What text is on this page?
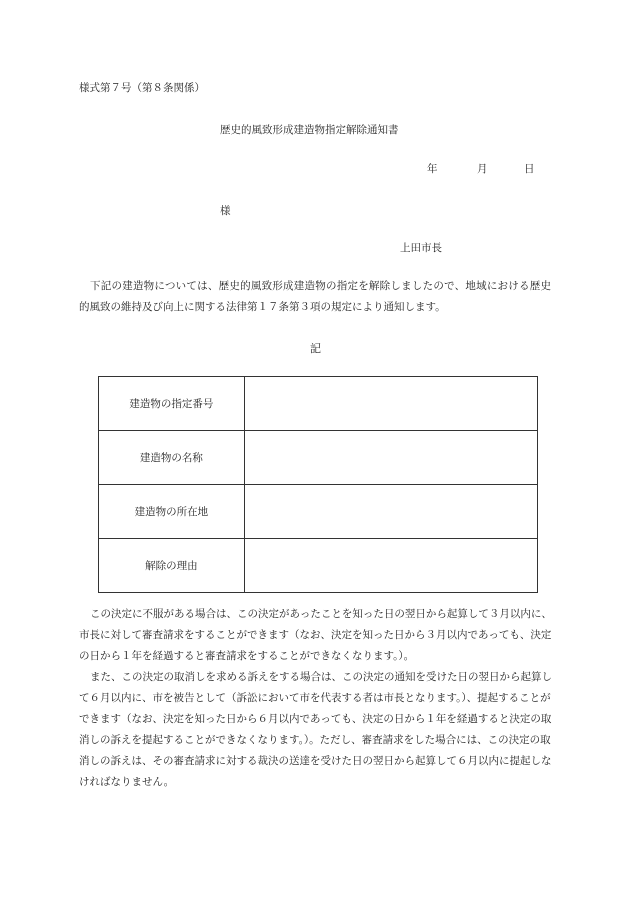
様式第７号（第８条関係）
歴史的風致形成建造物指定解除通知書
年	月	日
様
上田市長
下記の建造物については、歴史的風致形成建造物の指定を解除しましたので、地域における歴史的風致の維持及び向上に関する法律第１７条第３項の規定により通知します。
記
建造物の指定番号	
建造物の名称	
建造物の所在地	
解除の理由	

この決定に不服がある場合は、この決定があったことを知った日の翌日から起算して３月以内に、市長に対して審査請求をすることができます（なお、決定を知った日から３月以内であっても、決定の日から１年を経過すると審査請求をすることができなくなります。）。

また、この決定の取消しを求める訴えをする場合は、この決定の通知を受けた日の翌日から起算して６月以内に、市を被告として（訴訟において市を代表する者は市長となります。）、提起することができます（なお、決定を知った日から６月以内であっても、決定の日から１年を経過すると決定の取消しの訴えを提起することができなくなります。）。ただし、審査請求をした場合には、この決定の取消しの訴えは、その審査請求に対する裁決の送達を受けた日の翌日から起算して６月以内に提起しなければなりません。
